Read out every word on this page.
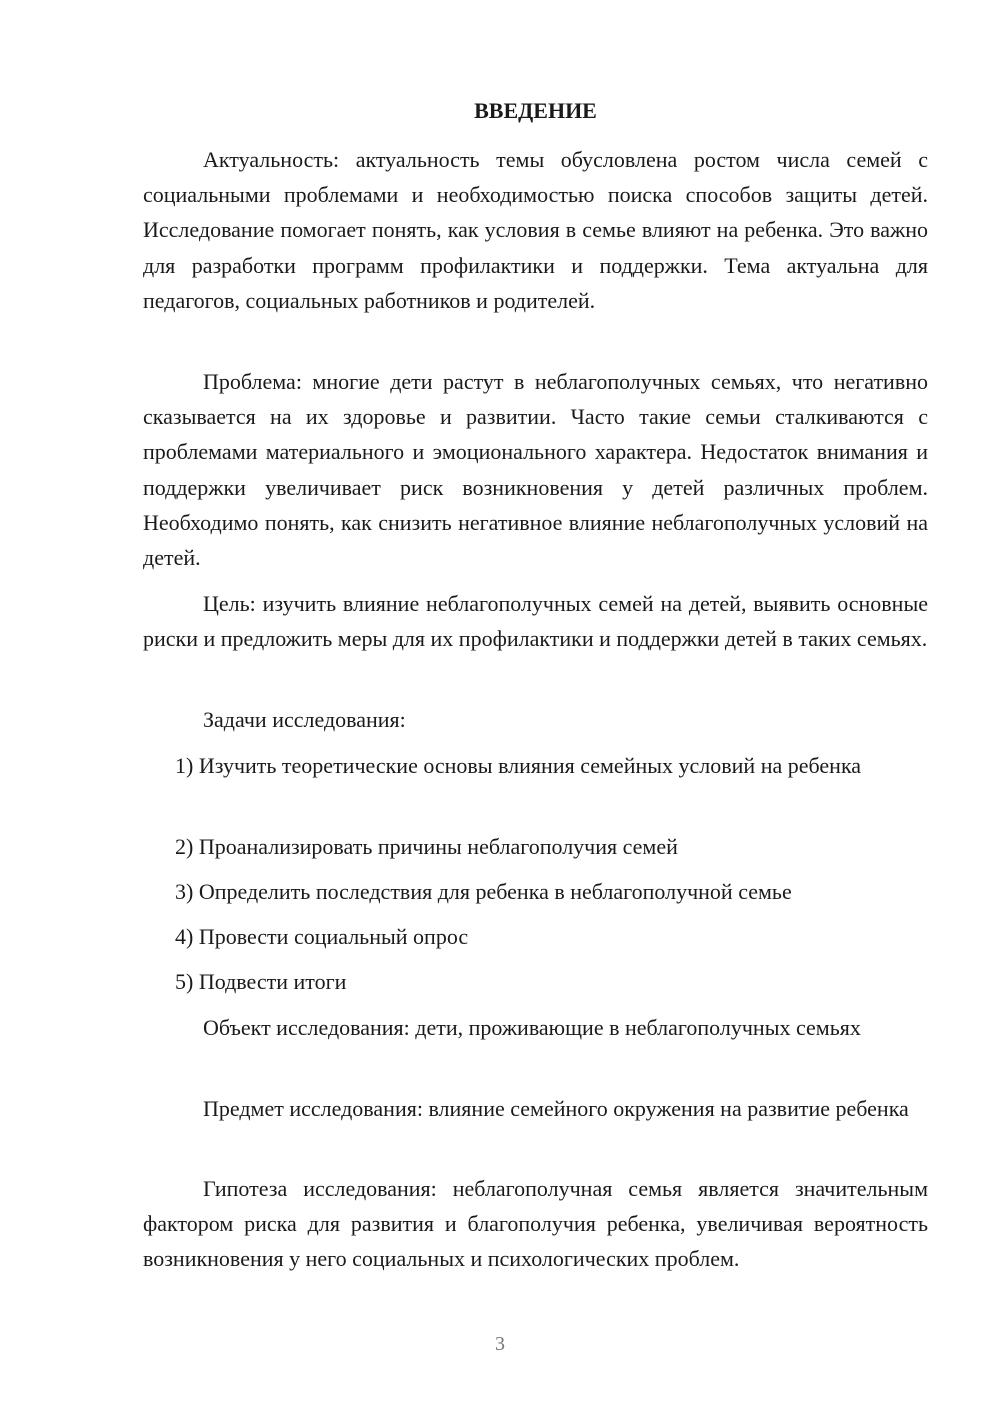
ВВЕДЕНИЕ

Актуальность: актуальность темы обусловлена ростом числа семей с социальными проблемами и необходимостью поиска способов защиты детей. Исследование помогает понять, как условия в семье влияют на ребенка. Это важно для разработки программ профилактики и поддержки. Тема актуальна для педагогов, социальных работников и родителей.

Проблема: многие дети растут в неблагополучных семьях, что негативно сказывается на их здоровье и развитии. Часто такие семьи сталкиваются с проблемами материального и эмоционального характера. Недостаток внимания и поддержки увеличивает риск возникновения у детей различных проблем. Необходимо понять, как снизить негативное влияние неблагополучных условий на детей.

Цель: изучить влияние неблагополучных семей на детей, выявить основные риски и предложить меры для их профилактики и поддержки детей в таких семьях.

Задачи исследования:

1) Изучить теоретические основы влияния семейных условий на ребенка

2) Проанализировать причины неблагополучия семей

3) Определить последствия для ребенка в неблагополучной семье

4) Провести социальный опрос

5) Подвести итоги

Объект исследования: дети, проживающие в неблагополучных семьях

Предмет исследования: влияние семейного окружения на развитие ребенка

Гипотеза исследования: неблагополучная семья является значительным фактором риска для развития и благополучия ребенка, увеличивая вероятность возникновения у него социальных и психологических проблем.

3
